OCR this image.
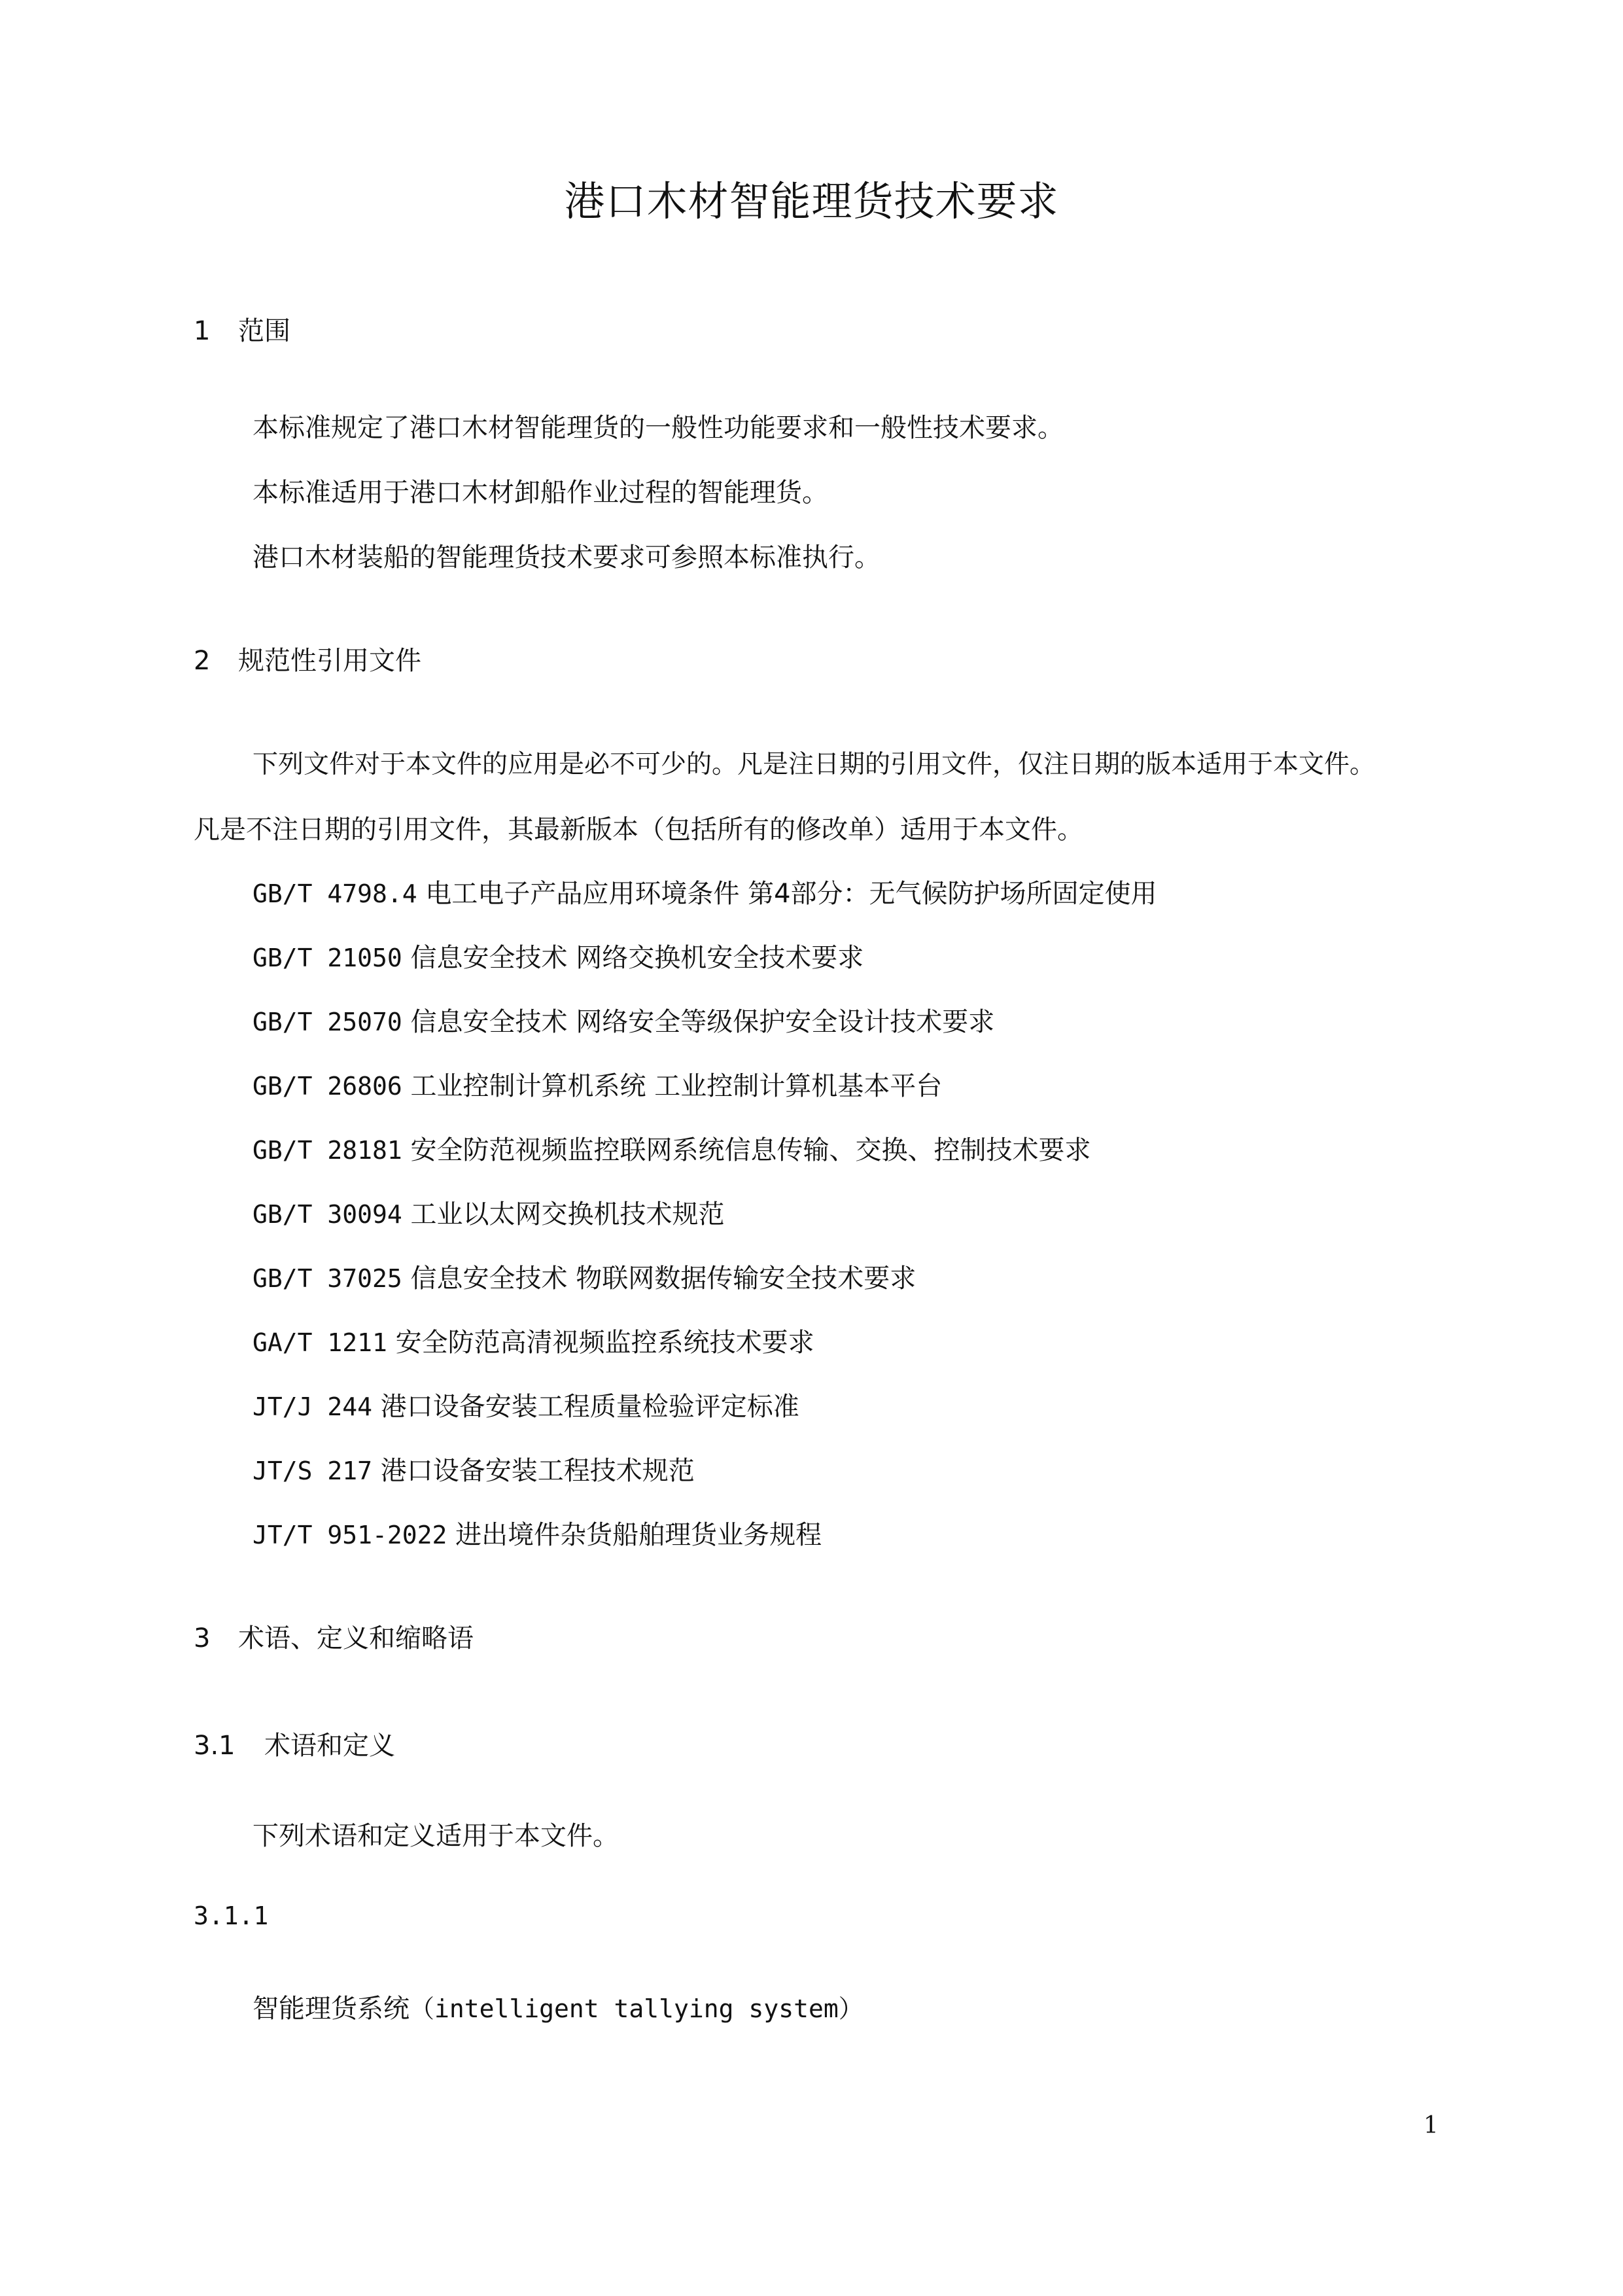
港口木材智能理货技术要求
1 范围
本标准规定了港口木材智能理货的一般性功能要求和一般性技术要求。
本标准适用于港口木材卸船作业过程的智能理货。
港口木材装船的智能理货技术要求可参照本标准执行。
2 规范性引用文件
下列文件对于本文件的应用是必不可少的。凡是注日期的引用文件，仅注日期的版本适用于本文件。
凡是不注日期的引用文件，其最新版本（包括所有的修改单）适用于本文件。
GB/T 4798.4 电工电子产品应用环境条件 第4部分：无气候防护场所固定使用
GB/T 21050 信息安全技术 网络交换机安全技术要求
GB/T 25070 信息安全技术 网络安全等级保护安全设计技术要求
GB/T 26806 工业控制计算机系统 工业控制计算机基本平台
GB/T 28181 安全防范视频监控联网系统信息传输、交换、控制技术要求
GB/T 30094 工业以太网交换机技术规范
GB/T 37025 信息安全技术 物联网数据传输安全技术要求
GA/T 1211 安全防范高清视频监控系统技术要求
JT/J 244 港口设备安装工程质量检验评定标准
JT/S 217 港口设备安装工程技术规范
JT/T 951-2022 进出境件杂货船舶理货业务规程
3 术语、定义和缩略语
3.1 术语和定义
下列术语和定义适用于本文件。
3.1.1
智能理货系统（intelligent tallying system）
1
